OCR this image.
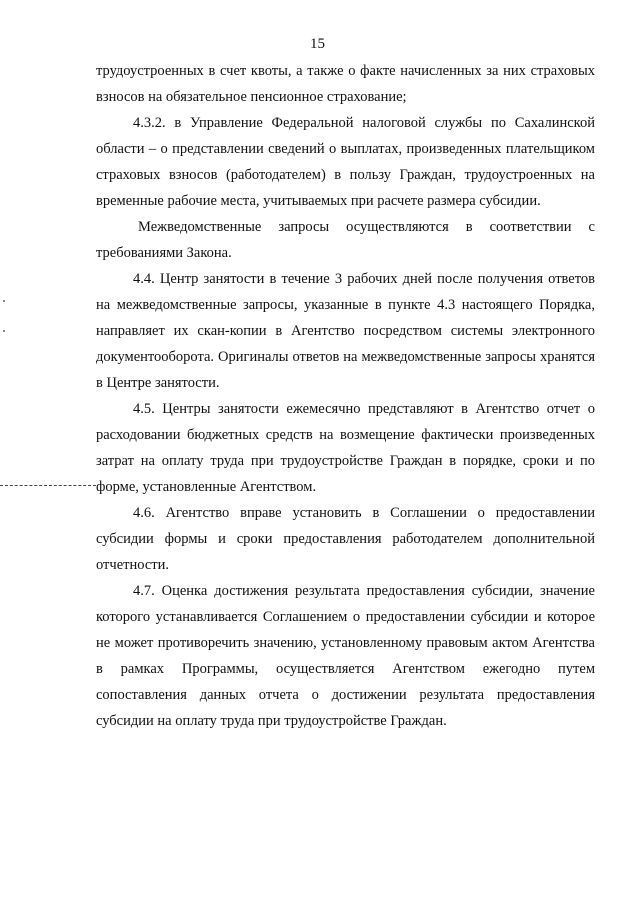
15

трудоустроенных в счет квоты, а также о факте начисленных за них страховых взносов на обязательное пенсионное страхование;

4.3.2. в Управление Федеральной налоговой службы по Сахалинской области – о представлении сведений о выплатах, произведенных плательщиком страховых взносов (работодателем) в пользу Граждан, трудоустроенных на временные рабочие места, учитываемых при расчете размера субсидии.

Межведомственные запросы осуществляются в соответствии с требованиями Закона.

4.4. Центр занятости в течение 3 рабочих дней после получения ответов на межведомственные запросы, указанные в пункте 4.3 настоящего Порядка, направляет их скан-копии в Агентство посредством системы электронного документооборота. Оригиналы ответов на межведомственные запросы хранятся в Центре занятости.

4.5. Центры занятости ежемесячно представляют в Агентство отчет о расходовании бюджетных средств на возмещение фактически произведенных затрат на оплату труда при трудоустройстве Граждан в порядке, сроки и по форме, установленные Агентством.

4.6. Агентство вправе установить в Соглашении о предоставлении субсидии формы и сроки предоставления работодателем дополнительной отчетности.

4.7. Оценка достижения результата предоставления субсидии, значение которого устанавливается Соглашением о предоставлении субсидии и которое не может противоречить значению, установленному правовым актом Агентства в рамках Программы, осуществляется Агентством ежегодно путем сопоставления данных отчета о достижении результата предоставления субсидии на оплату труда при трудоустройстве Граждан.
